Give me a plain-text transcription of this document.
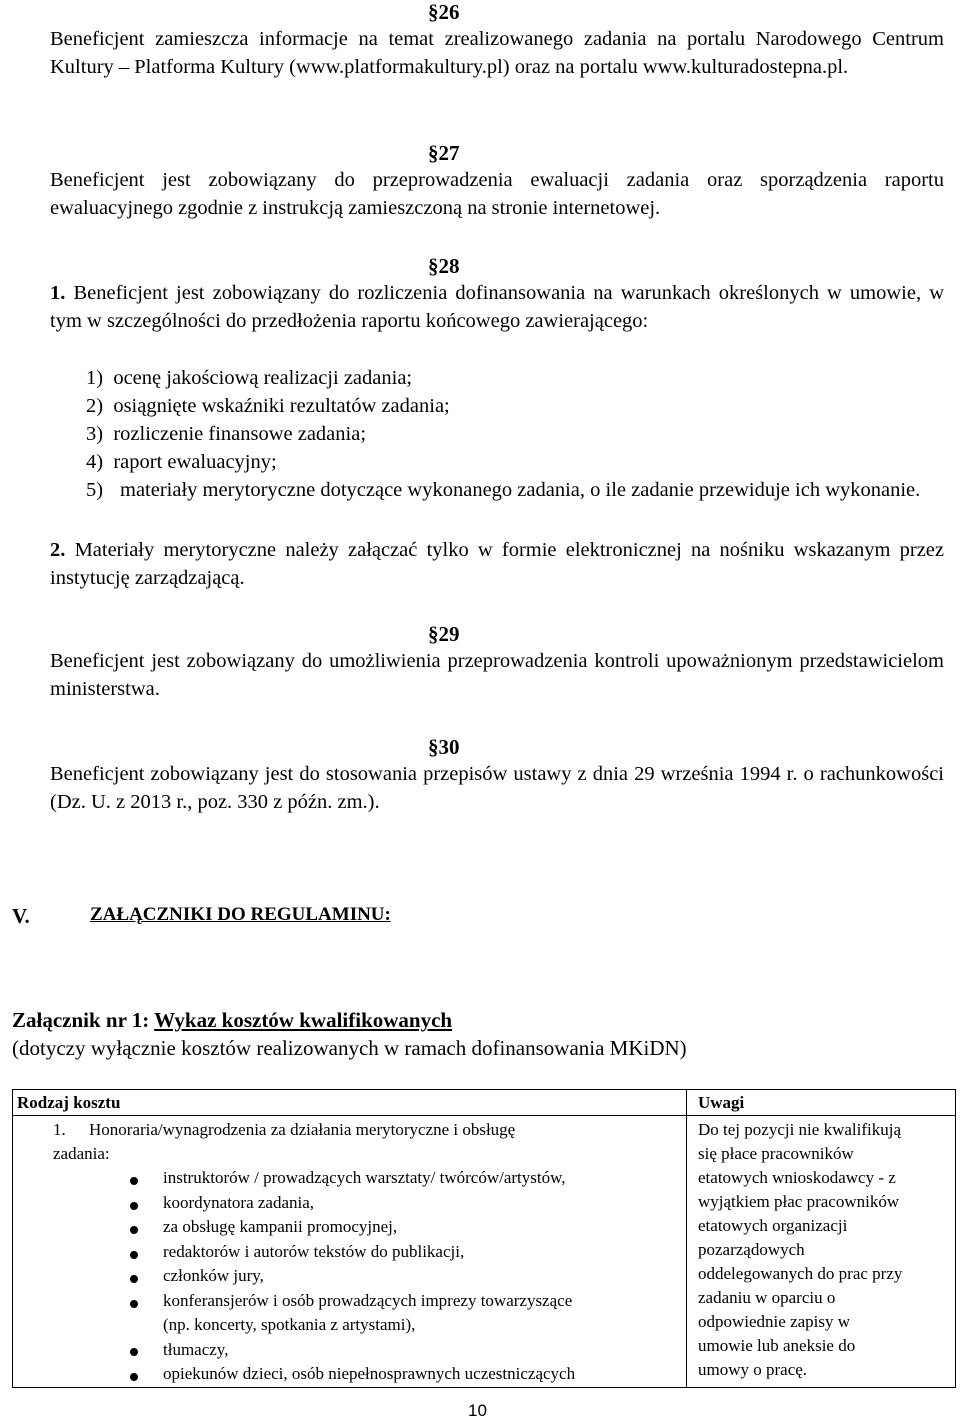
§26
Beneficjent zamieszcza informacje na temat zrealizowanego zadania na portalu Narodowego Centrum Kultury – Platforma Kultury (www.platformakultury.pl) oraz na portalu www.kulturadostepna.pl.
§27
Beneficjent jest zobowiązany do przeprowadzenia ewaluacji zadania oraz sporządzenia raportu ewaluacyjnego zgodnie z instrukcją zamieszczoną na stronie internetowej.
§28
1. Beneficjent jest zobowiązany do rozliczenia dofinansowania na warunkach określonych w umowie, w tym w szczególności do przedłożenia raportu końcowego zawierającego:
1) ocenę jakościową realizacji zadania;
2) osiągnięte wskaźniki rezultatów zadania;
3) rozliczenie finansowe zadania;
4) raport ewaluacyjny;
5) materiały merytoryczne dotyczące wykonanego zadania, o ile zadanie przewiduje ich wykonanie.
2. Materiały merytoryczne należy załączać tylko w formie elektronicznej na nośniku wskazanym przez instytucję zarządzającą.
§29
Beneficjent jest zobowiązany do umożliwienia przeprowadzenia kontroli upoważnionym przedstawicielom ministerstwa.
§30
Beneficjent zobowiązany jest do stosowania przepisów ustawy z dnia 29 września 1994 r. o rachunkowości (Dz. U. z 2013 r., poz. 330 z późn. zm.).
V.	ZAŁĄCZNIKI DO REGULAMINU:
Załącznik nr 1: Wykaz kosztów kwalifikowanych
(dotyczy wyłącznie kosztów realizowanych w ramach dofinansowania MKiDN)
Rodzaj kosztu	Uwagi
1. Honoraria/wynagrodzenia za działania merytoryczne i obsługę
zadania:
instruktorów / prowadzących warsztaty/ twórców/artystów,
koordynatora zadania,
za obsługę kampanii promocyjnej,
redaktorów i autorów tekstów do publikacji,
członków jury,
konferansjerów i osób prowadzących imprezy towarzyszące
(np. koncerty, spotkania z artystami),
tłumaczy,
opiekunów dzieci, osób niepełnosprawnych uczestniczących
Do tej pozycji nie kwalifikują
się płace pracowników
etatowych wnioskodawcy - z
wyjątkiem płac pracowników
etatowych organizacji
pozarządowych
oddelegowanych do prac przy
zadaniu w oparciu o
odpowiednie zapisy w
umowie lub aneksie do
umowy o pracę.
10
